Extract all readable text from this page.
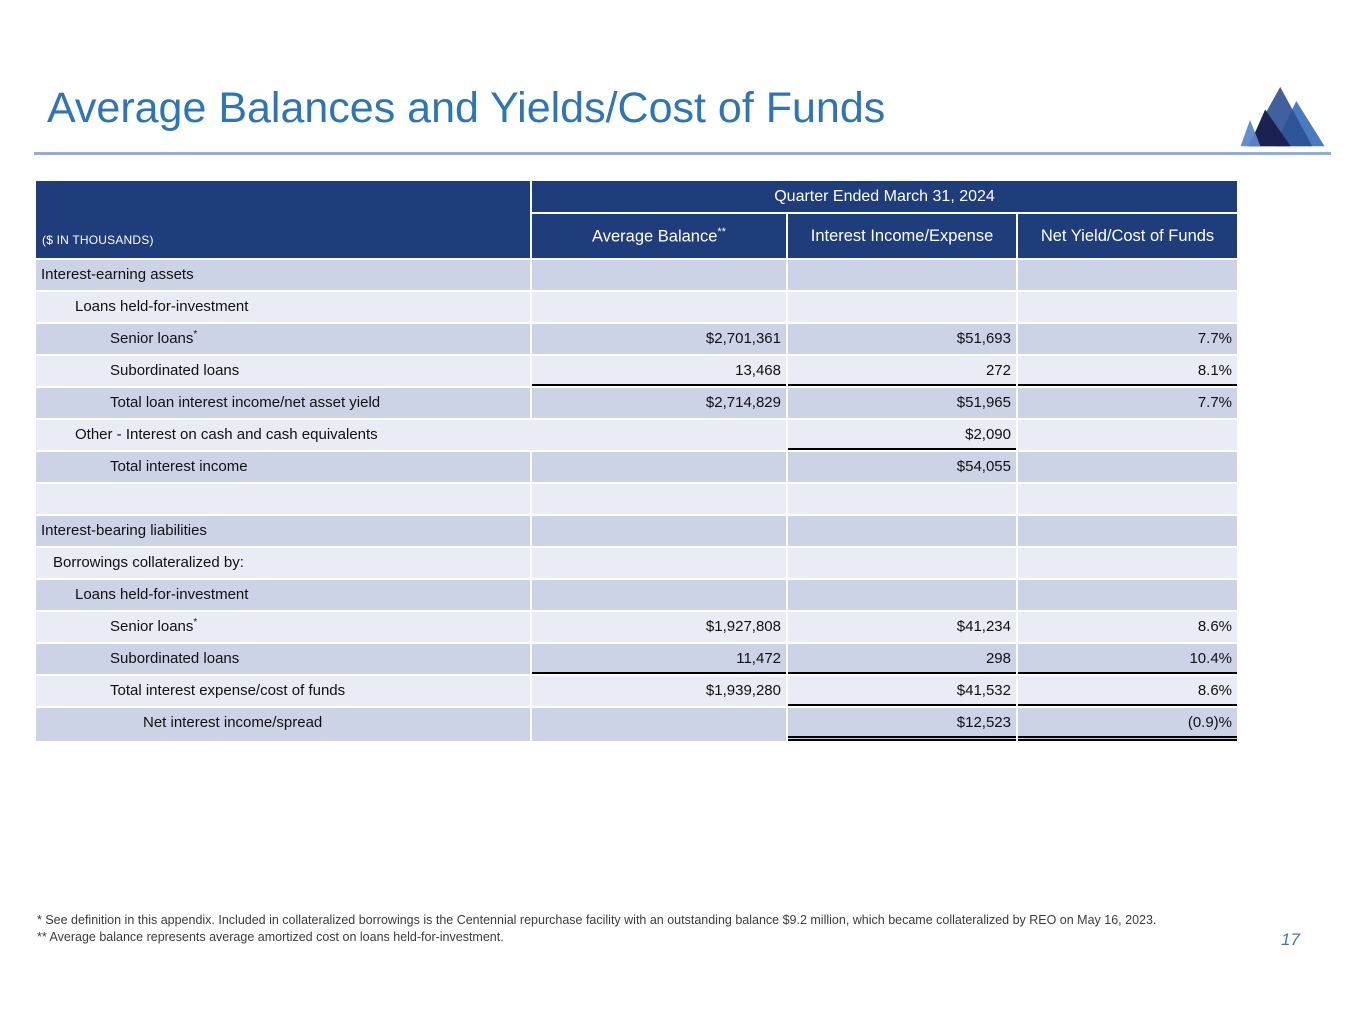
Average Balances and Yields/Cost of Funds
($ IN THOUSANDS)	Quarter Ended March 31, 2024		
	Average Balance**	Interest Income/Expense	Net Yield/Cost of Funds
Interest-earning assets			
Loans held-for-investment			
Senior loans*	$2,701,361	$51,693	7.7%
Subordinated loans	13,468	272	8.1%
Total loan interest income/net asset yield	$2,714,829	$51,965	7.7%
Other - Interest on cash and cash equivalents		$2,090	
Total interest income		$54,055	

Interest-bearing liabilities			
Borrowings collateralized by:			
Loans held-for-investment			
Senior loans*	$1,927,808	$41,234	8.6%
Subordinated loans	11,472	298	10.4%
Total interest expense/cost of funds	$1,939,280	$41,532	8.6%
Net interest income/spread		$12,523	(0.9)%
* See definition in this appendix. Included in collateralized borrowings is the Centennial repurchase facility with an outstanding balance $9.2 million, which became collateralized by REO on May 16, 2023.
** Average balance represents average amortized cost on loans held-for-investment.	17
